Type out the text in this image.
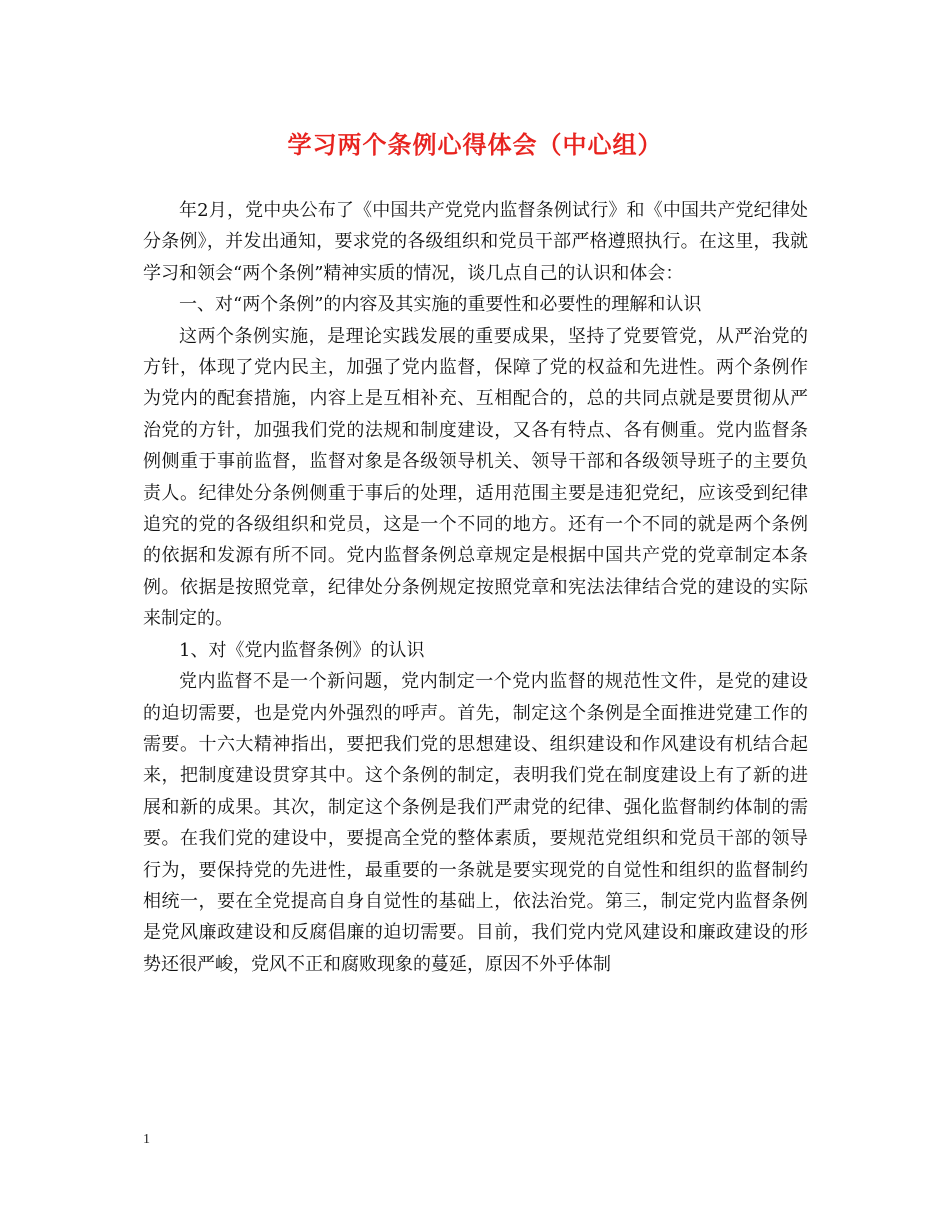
学习两个条例心得体会（中心组）

年2月，党中央公布了《中国共产党党内监督条例试行》和《中国共产党纪律处分条例》，并发出通知，要求党的各级组织和党员干部严格遵照执行。在这里，我就学习和领会“两个条例”精神实质的情况，谈几点自己的认识和体会：

一、对“两个条例”的内容及其实施的重要性和必要性的理解和认识

这两个条例实施，是理论实践发展的重要成果，坚持了党要管党，从严治党的方针，体现了党内民主，加强了党内监督，保障了党的权益和先进性。两个条例作为党内的配套措施，内容上是互相补充、互相配合的，总的共同点就是要贯彻从严治党的方针，加强我们党的法规和制度建设，又各有特点、各有侧重。党内监督条例侧重于事前监督，监督对象是各级领导机关、领导干部和各级领导班子的主要负责人。纪律处分条例侧重于事后的处理，适用范围主要是违犯党纪，应该受到纪律追究的党的各级组织和党员，这是一个不同的地方。还有一个不同的就是两个条例的依据和发源有所不同。党内监督条例总章规定是根据中国共产党的党章制定本条例。依据是按照党章，纪律处分条例规定按照党章和宪法法律结合党的建设的实际来制定的。

1、对《党内监督条例》的认识

党内监督不是一个新问题，党内制定一个党内监督的规范性文件，是党的建设的迫切需要，也是党内外强烈的呼声。首先，制定这个条例是全面推进党建工作的需要。十六大精神指出，要把我们党的思想建设、组织建设和作风建设有机结合起来，把制度建设贯穿其中。这个条例的制定，表明我们党在制度建设上有了新的进展和新的成果。其次，制定这个条例是我们严肃党的纪律、强化监督制约体制的需要。在我们党的建设中，要提高全党的整体素质，要规范党组织和党员干部的领导行为，要保持党的先进性，最重要的一条就是要实现党的自觉性和组织的监督制约相统一，要在全党提高自身自觉性的基础上，依法治党。第三，制定党内监督条例是党风廉政建设和反腐倡廉的迫切需要。目前，我们党内党风建设和廉政建设的形势还很严峻，党风不正和腐败现象的蔓延，原因不外乎体制

1
